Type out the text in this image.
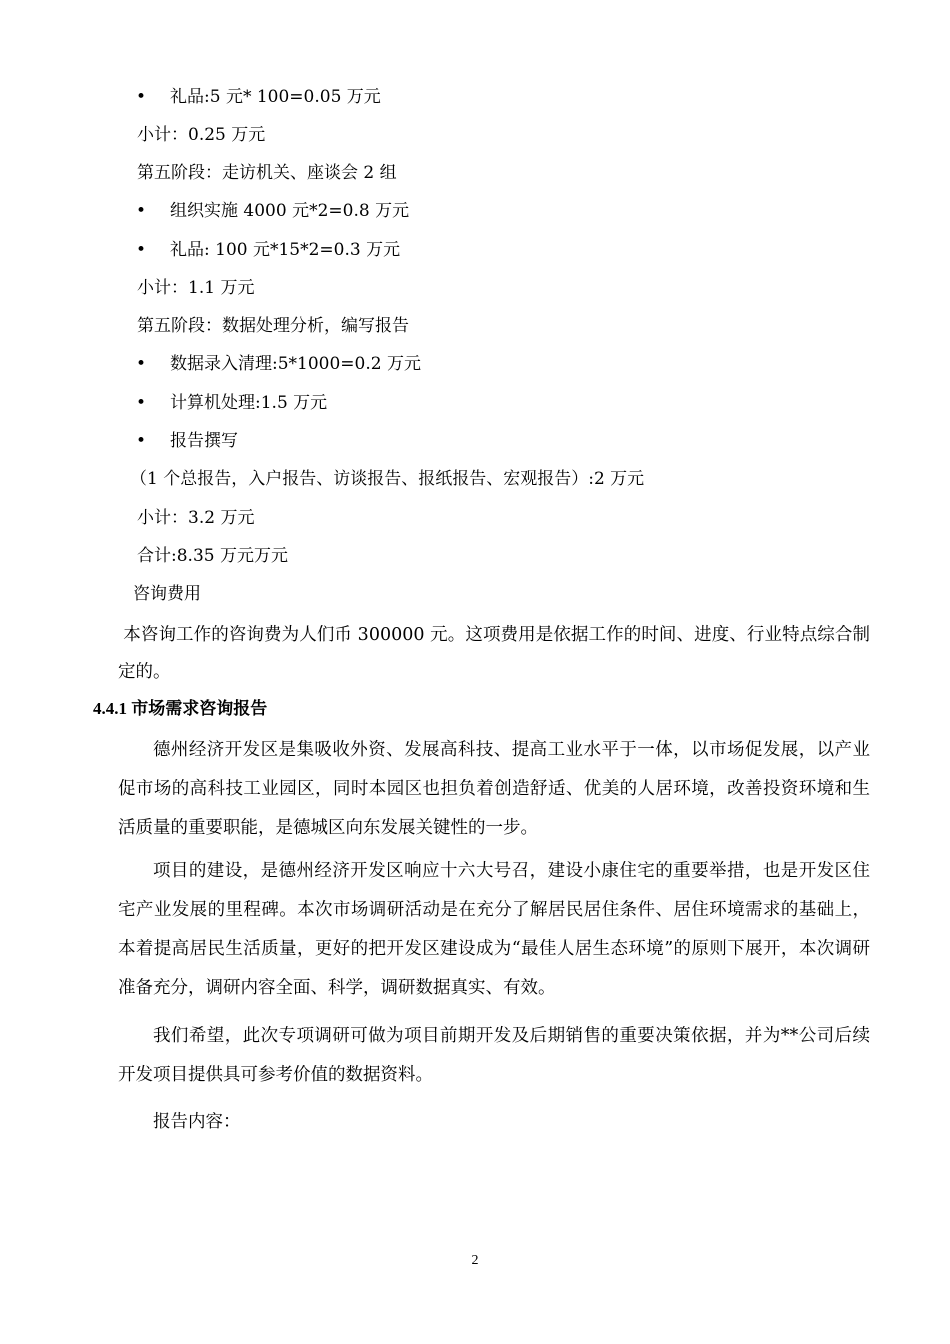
• 礼品:5 元* 100=0.05 万元
小计：0.25 万元
第五阶段：走访机关、座谈会 2 组
• 组织实施 4000 元*2=0.8 万元
• 礼品: 100 元*15*2=0.3 万元
小计：1.1 万元
第五阶段：数据处理分析，编写报告
• 数据录入清理:5*1000=0.2 万元
• 计算机处理:1.5 万元
• 报告撰写
（1 个总报告，入户报告、访谈报告、报纸报告、宏观报告）:2 万元
小计：3.2 万元
合计:8.35 万元万元
咨询费用
本咨询工作的咨询费为人们币 300000 元。这项费用是依据工作的时间、进度、行业特点综合制定的。
4.4.1 市场需求咨询报告
德州经济开发区是集吸收外资、发展高科技、提高工业水平于一体，以市场促发展，以产业促市场的高科技工业园区，同时本园区也担负着创造舒适、优美的人居环境，改善投资环境和生活质量的重要职能，是德城区向东发展关键性的一步。
项目的建设，是德州经济开发区响应十六大号召，建设小康住宅的重要举措，也是开发区住宅产业发展的里程碑。本次市场调研活动是在充分了解居民居住条件、居住环境需求的基础上，本着提高居民生活质量，更好的把开发区建设成为“最佳人居生态环境”的原则下展开，本次调研准备充分，调研内容全面、科学，调研数据真实、有效。
我们希望，此次专项调研可做为项目前期开发及后期销售的重要决策依据，并为**公司后续开发项目提供具可参考价值的数据资料。
报告内容：
2
